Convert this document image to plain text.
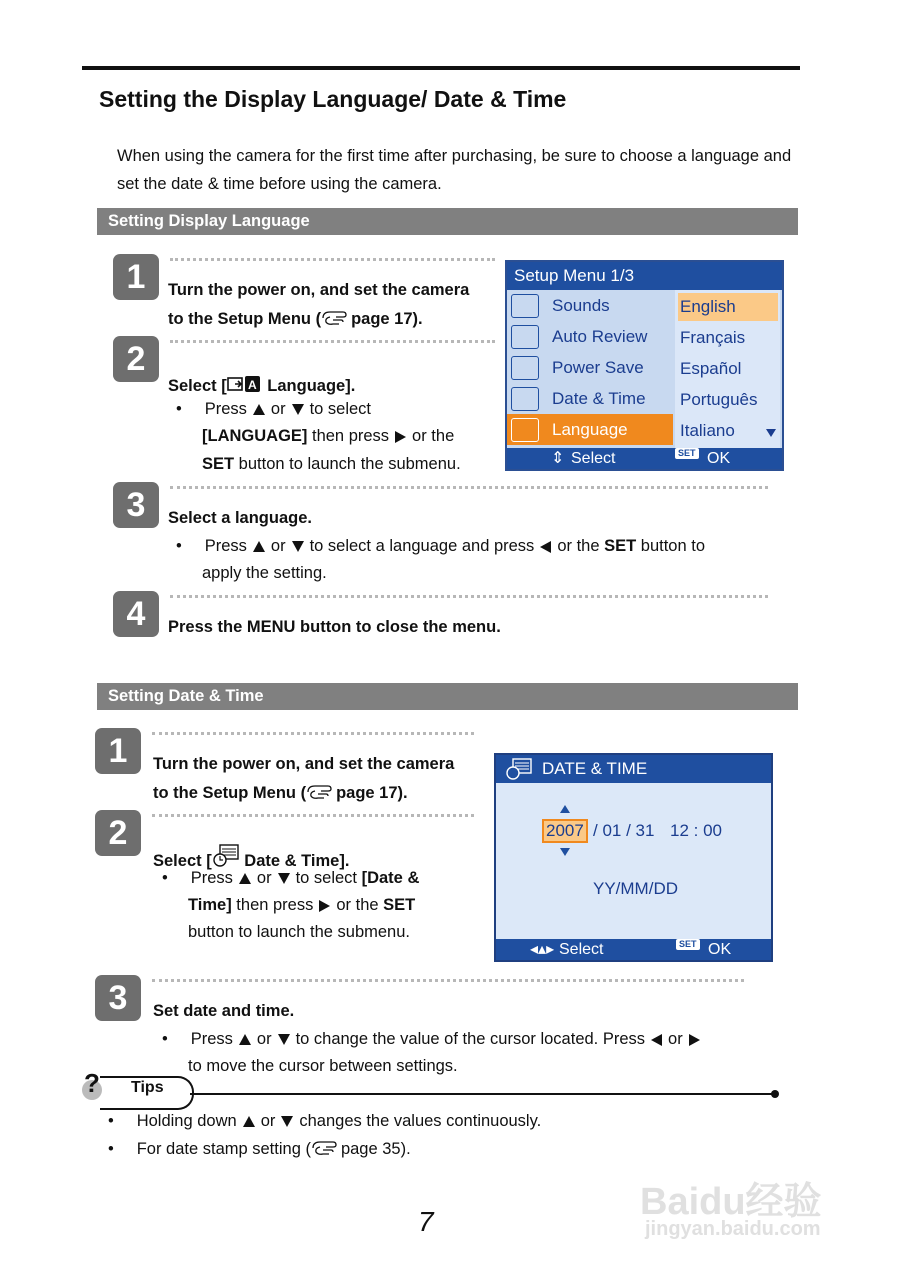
Setting the Display Language/ Date & Time
When using the camera for the first time after purchasing, be sure to choose a language and set the date & time before using the camera.
Setting Display Language
1	Turn the power on, and set the camera
to the Setup Menu ( page 17).
2
Select [ A Language].
•     Press or to select
[LANGUAGE] then press or the
SET button to launch the submenu.
Setup Menu 1/3
Sounds
Auto Review
Power Save
Date & Time
Language
English
Français
Español
Português
Italiano
⇕ Select	SET OK
3	Select a language.
•     Press or to select a language and press or the SET button to
apply the setting.
4	Press the MENU button to close the menu.
Setting Date & Time
1	Turn the power on, and set the camera
to the Setup Menu ( page 17).
2
Select [ Date & Time].
•     Press or to select [Date &
Time] then press or the SET
button to launch the submenu.
DATE & TIME
2007 / 01 / 31 12 : 00
YY/MM/DD
◂▴▸ Select	SET OK
3	Set date and time.
•     Press or to change the value of the cursor located. Press or
to move the cursor between settings.
? Tips
•     Holding down or changes the values continuously.
•     For date stamp setting ( page 35).
7	Baidu经验
jingyan.baidu.com
